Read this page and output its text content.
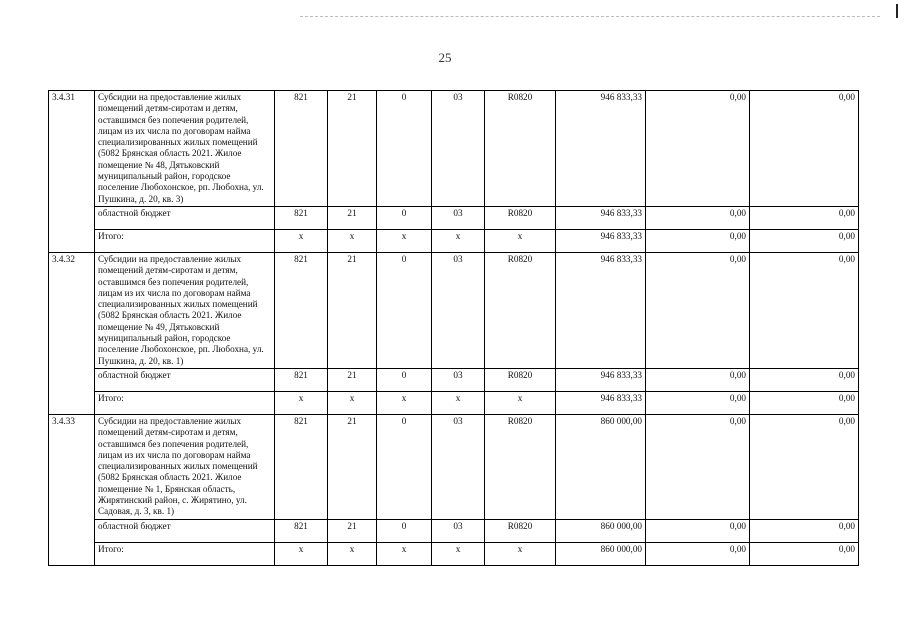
25
3.4.31	Субсидии на предоставление жилых помещений детям-сиротам и детям, оставшимся без попечения родителей, лицам из их числа по договорам найма специализированных жилых помещений (5082 Брянская область 2021. Жилое помещение № 48, Дятьковский муниципальный район, городское поселение Любохонское, рп. Любохна, ул. Пушкина, д. 20, кв. 3)	821	21	0	03	R0820	946 833,33	0,00	0,00
	областной бюджет	821	21	0	03	R0820	946 833,33	0,00	0,00
	Итого:	x	x	x	x	x	946 833,33	0,00	0,00
3.4.32	Субсидии на предоставление жилых помещений детям-сиротам и детям, оставшимся без попечения родителей, лицам из их числа по договорам найма специализированных жилых помещений (5082 Брянская область 2021. Жилое помещение № 49, Дятьковский муниципальный район, городское поселение Любохонское, рп. Любохна, ул. Пушкина, д. 20, кв. 1)	821	21	0	03	R0820	946 833,33	0,00	0,00
	областной бюджет	821	21	0	03	R0820	946 833,33	0,00	0,00
	Итого:	x	x	x	x	x	946 833,33	0,00	0,00
3.4.33	Субсидии на предоставление жилых помещений детям-сиротам и детям, оставшимся без попечения родителей, лицам из их числа по договорам найма специализированных жилых помещений (5082 Брянская область 2021. Жилое помещение № 1, Брянская область, Жирятинский район, с. Жирятино, ул. Садовая, д. 3, кв. 1)	821	21	0	03	R0820	860 000,00	0,00	0,00
	областной бюджет	821	21	0	03	R0820	860 000,00	0,00	0,00
	Итого:	x	x	x	x	x	860 000,00	0,00	0,00
